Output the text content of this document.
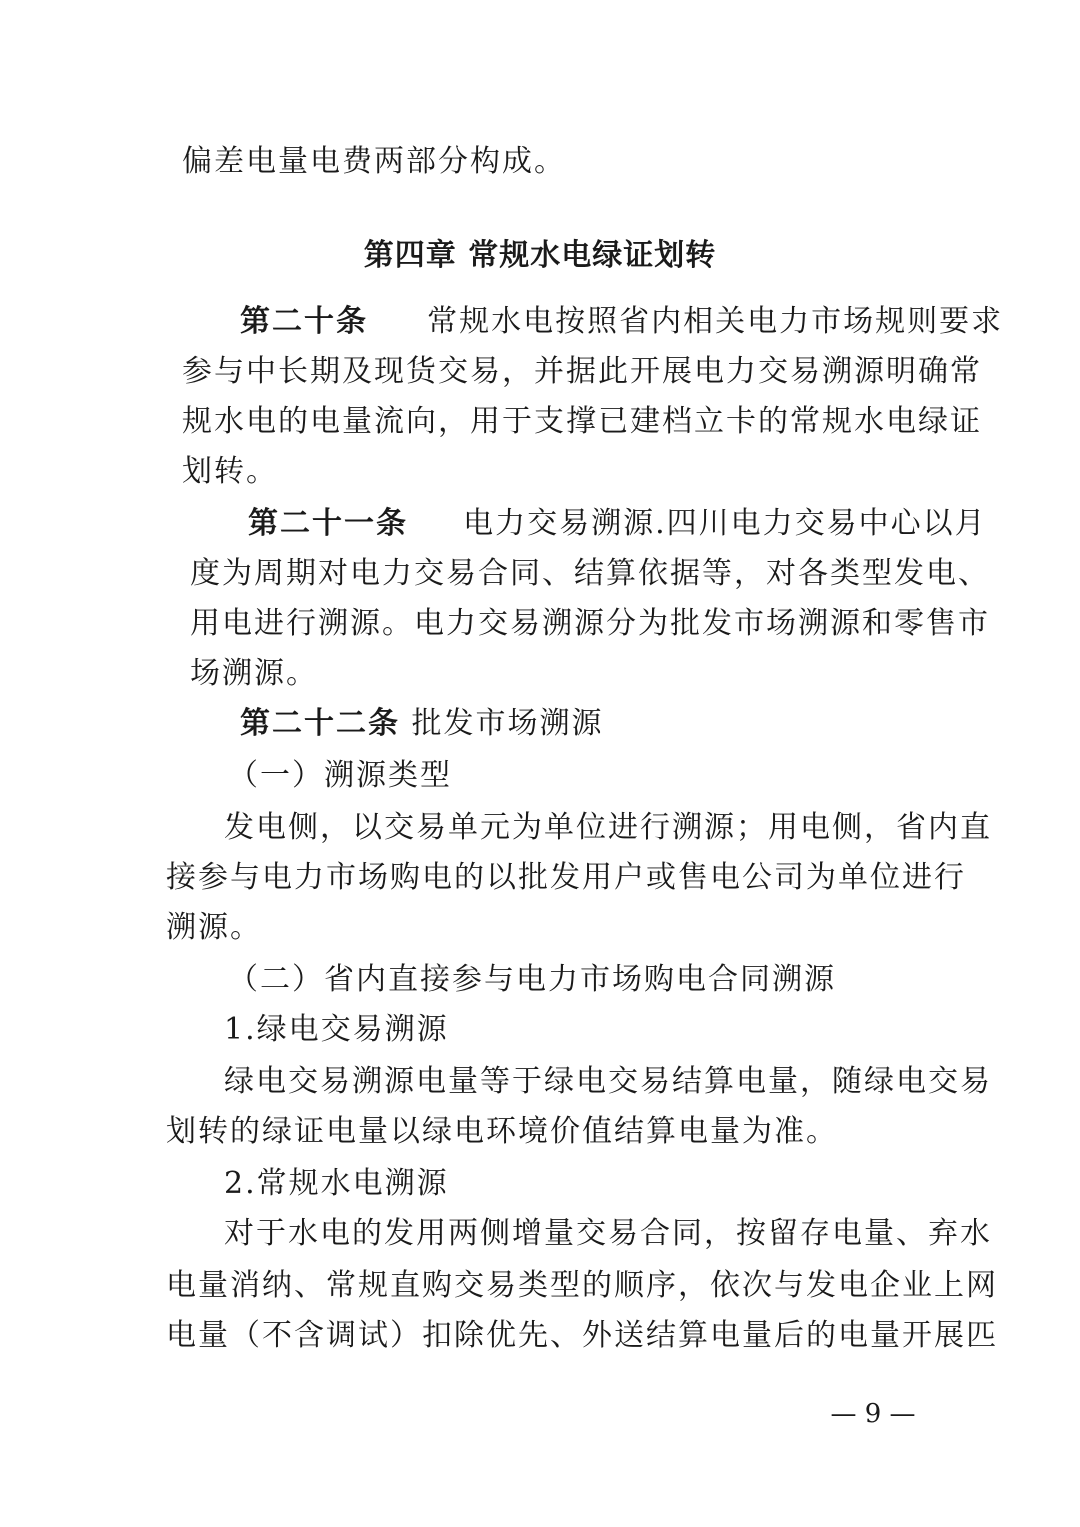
偏差电量电费两部分构成。
第四章 常规水电绿证划转
第二十条 常规水电按照省内相关电力市场规则要求
参与中长期及现货交易，并据此开展电力交易溯源明确常
规水电的电量流向，用于支撑已建档立卡的常规水电绿证
划转。
第二十一条 电力交易溯源.四川电力交易中心以月
度为周期对电力交易合同、结算依据等，对各类型发电、
用电进行溯源。电力交易溯源分为批发市场溯源和零售市
场溯源。
第二十二条 批发市场溯源
（一）溯源类型
发电侧，以交易单元为单位进行溯源；用电侧，省内直
接参与电力市场购电的以批发用户或售电公司为单位进行
溯源。
（二）省内直接参与电力市场购电合同溯源
1.绿电交易溯源
绿电交易溯源电量等于绿电交易结算电量，随绿电交易
划转的绿证电量以绿电环境价值结算电量为准。
2.常规水电溯源
对于水电的发用两侧增量交易合同，按留存电量、弃水
电量消纳、常规直购交易类型的顺序，依次与发电企业上网
电量（不含调试）扣除优先、外送结算电量后的电量开展匹
— 9 —
